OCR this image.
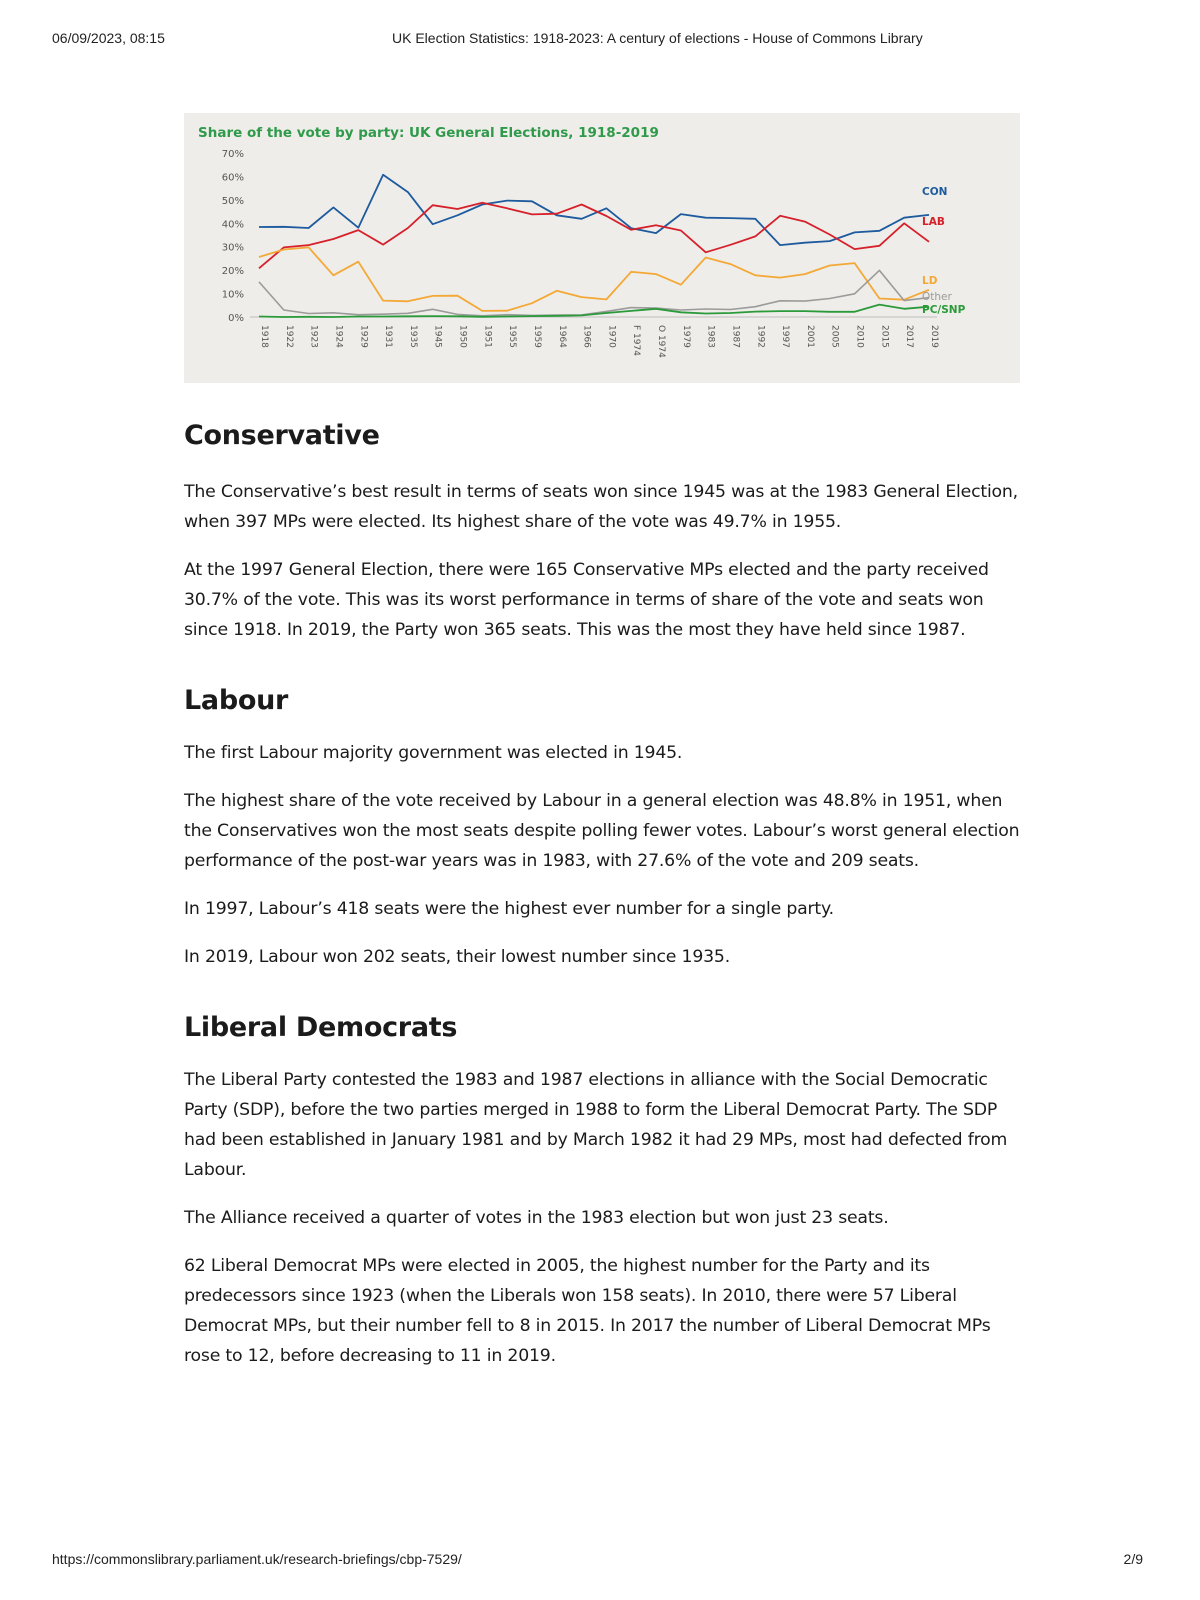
06/09/2023, 08:15	UK Election Statistics: 1918-2023: A century of elections - House of Commons Library
Share of the vote by party: UK General Elections, 1918-2019
0%
10%
20%
30%
40%
50%
60%
70%
1918 1922 1923 1924 1929 1931 1935 1945 1950 1951 1955 1959 1964 1966 1970 F 1974 O 1974 1979 1983 1987 1992 1997 2001 2005 2010 2015 2017 2019
CON
LAB
LD
Other
PC/SNP
Conservative

The Conservative’s best result in terms of seats won since 1945 was at the 1983 General Election, when 397 MPs were elected. Its highest share of the vote was 49.7% in 1955.

At the 1997 General Election, there were 165 Conservative MPs elected and the party received 30.7% of the vote. This was its worst performance in terms of share of the vote and seats won since 1918. In 2019, the Party won 365 seats. This was the most they have held since 1987.

Labour

The first Labour majority government was elected in 1945.

The highest share of the vote received by Labour in a general election was 48.8% in 1951, when the Conservatives won the most seats despite polling fewer votes. Labour’s worst general election performance of the post-war years was in 1983, with 27.6% of the vote and 209 seats.

In 1997, Labour’s 418 seats were the highest ever number for a single party.

In 2019, Labour won 202 seats, their lowest number since 1935.

Liberal Democrats

The Liberal Party contested the 1983 and 1987 elections in alliance with the Social Democratic Party (SDP), before the two parties merged in 1988 to form the Liberal Democrat Party. The SDP had been established in January 1981 and by March 1982 it had 29 MPs, most had defected from Labour.

The Alliance received a quarter of votes in the 1983 election but won just 23 seats.

62 Liberal Democrat MPs were elected in 2005, the highest number for the Party and its predecessors since 1923 (when the Liberals won 158 seats). In 2010, there were 57 Liberal Democrat MPs, but their number fell to 8 in 2015. In 2017 the number of Liberal Democrat MPs rose to 12, before decreasing to 11 in 2019.

https://commonslibrary.parliament.uk/research-briefings/cbp-7529/	2/9
